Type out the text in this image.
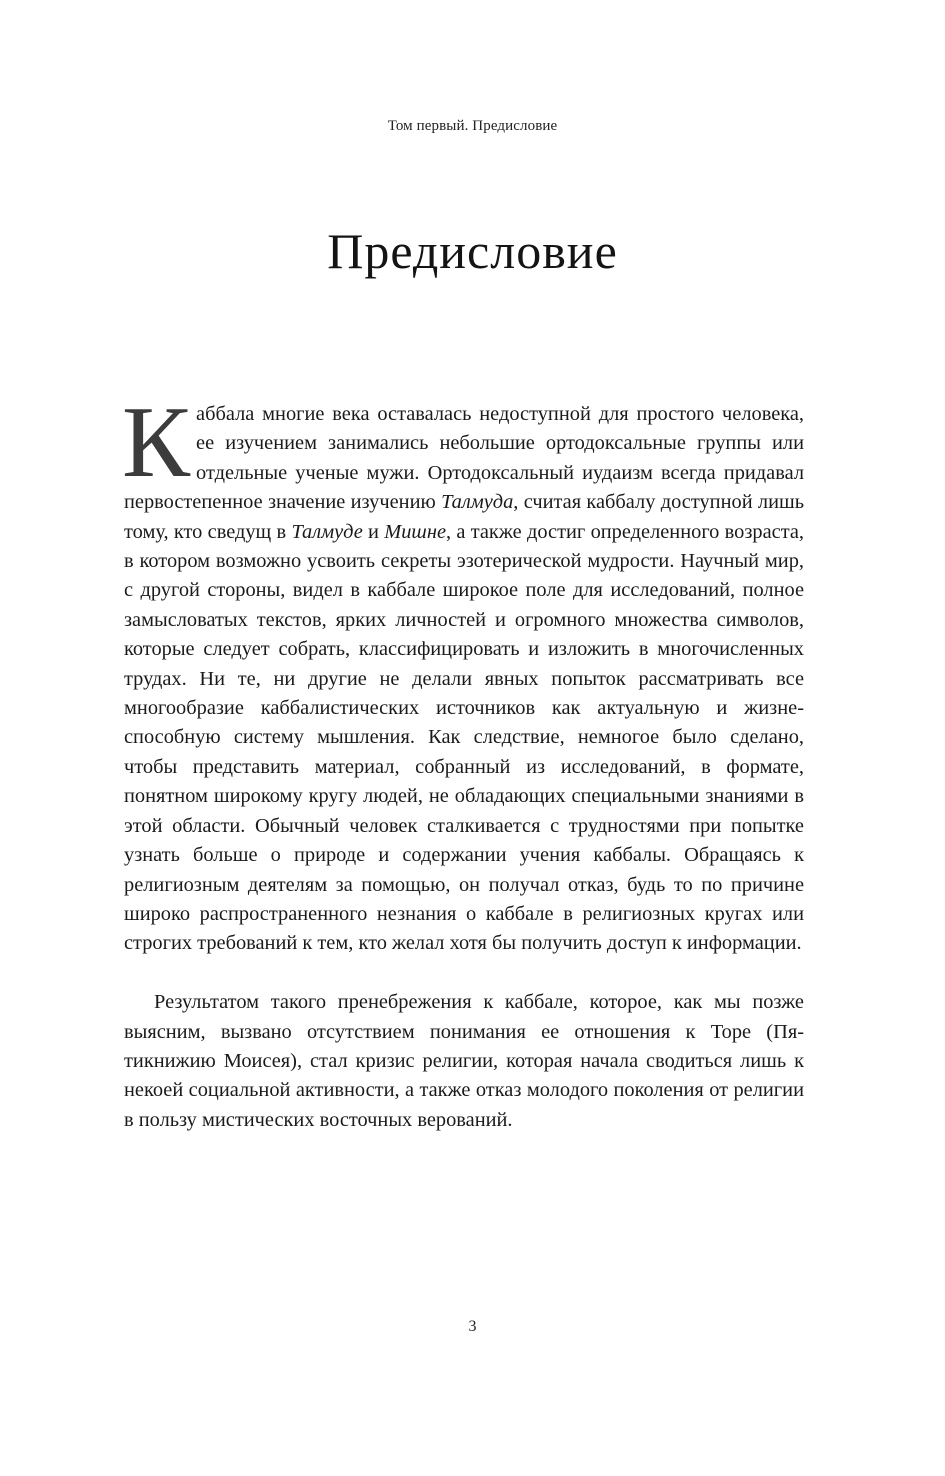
Том первый. Предисловие
Предисловие

Каббала многие века оставалась недоступной для простого человека, ее изучением занимались небольшие ортодоксальные группы или отдельные ученые мужи. Ортодоксальный иудаизм всегда придавал первостепенное значение изучению Талмуда, считая каббалу доступной лишь тому, кто сведущ в Талмуде и Мишне, а также достиг определенного возраста, в котором возможно усвоить секреты эзотерической мудрости. Научный мир, с другой стороны, видел в каббале широкое поле для исследований, полное замысловатых текстов, ярких личностей и огромного множества символов, которые следует собрать, классифицировать и изложить в многочисленных трудах. Ни те, ни другие не делали явных попыток рассматривать все многообразие каббалистических источников как актуальную и жизнеспособную систему мышления. Как следствие, немногое было сделано, чтобы представить материал, собранный из исследований, в формате, понятном широкому кругу людей, не обладающих специальными знаниями в этой области. Обычный человек сталкивается с трудностями при попытке узнать больше о природе и содержании учения каббалы. Обращаясь к религиозным деятелям за помощью, он получал отказ, будь то по причине широко распространенного незнания о каббале в религиозных кругах или строгих требований к тем, кто желал хотя бы получить доступ к информации.

Результатом такого пренебрежения к каббале, которое, как мы позже выясним, вызвано отсутствием понимания ее отношения к Торе (Пятикнижию Моисея), стал кризис религии, которая начала сводиться лишь к некоей социальной активности, а также отказ молодого поколения от религии в пользу мистических восточных верований.

3
